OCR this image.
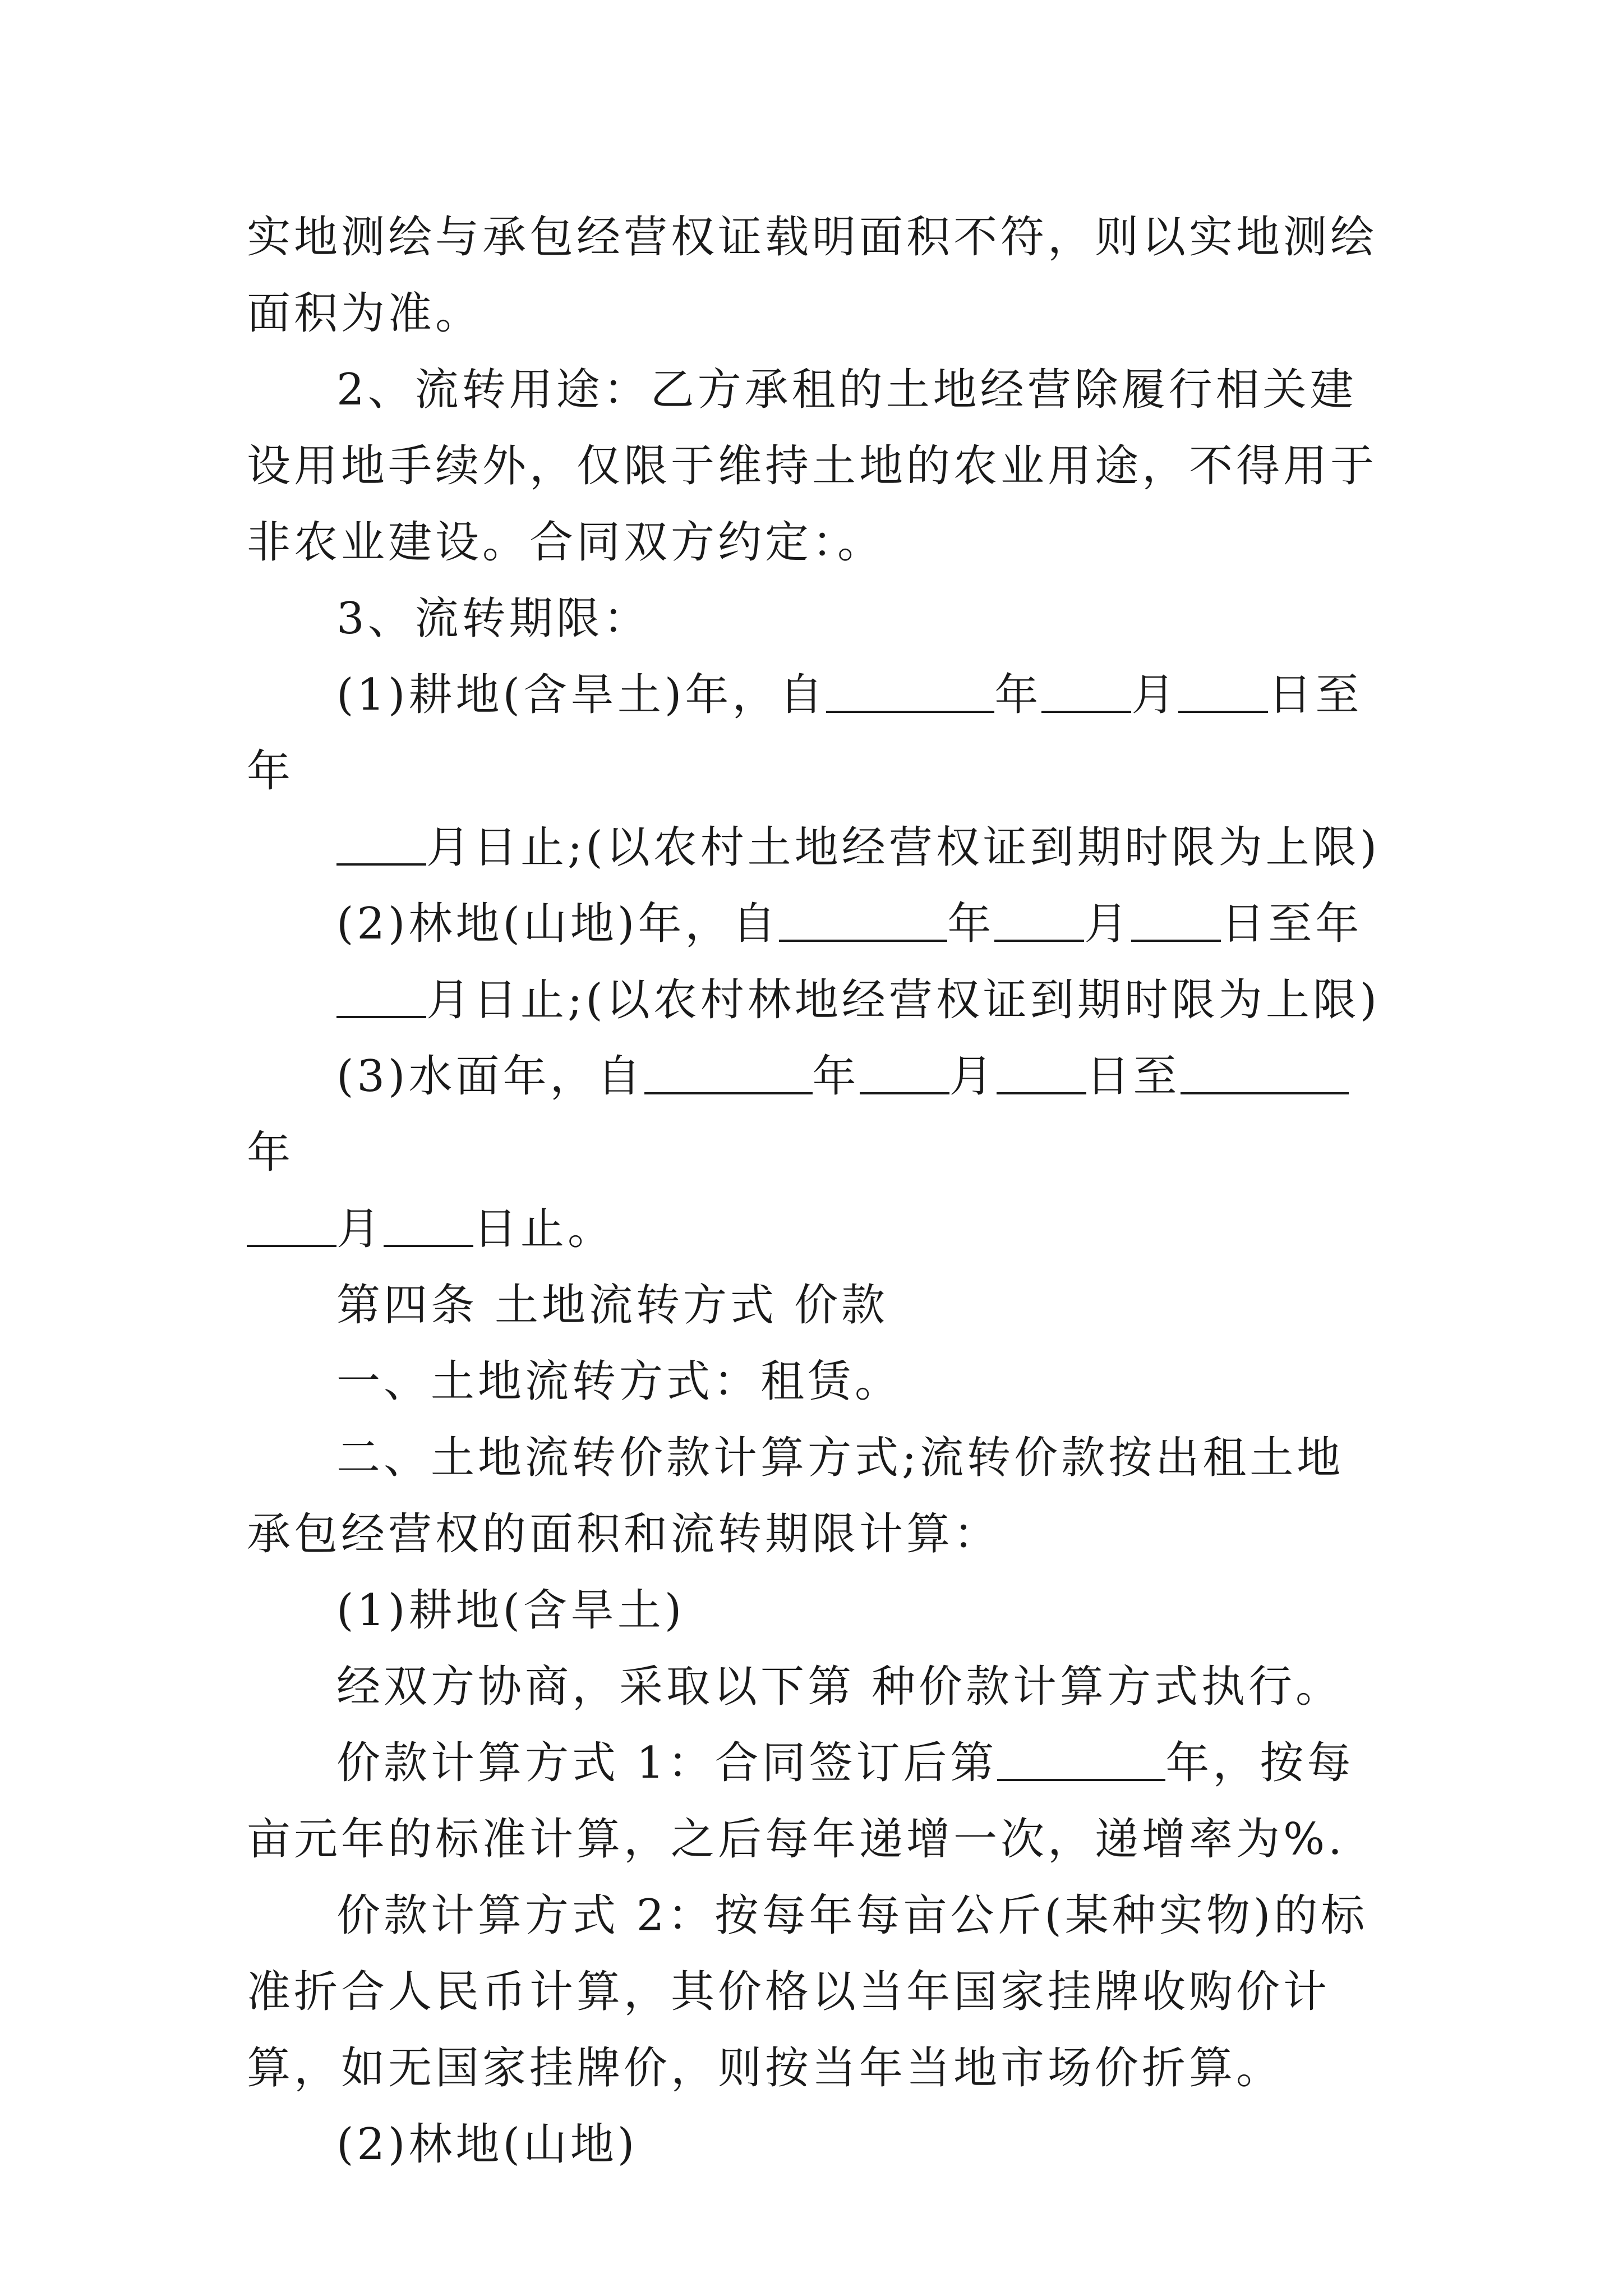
实地测绘与承包经营权证载明面积不符，则以实地测绘面积为准。

2、流转用途：乙方承租的土地经营除履行相关建设用地手续外，仅限于维持土地的农业用途，不得用于非农业建设。合同双方约定：。

3、流转期限：

(1)耕地(含旱土)年，自	年 月 日至年

月日止;(以农村土地经营权证到期时限为上限)

(2)林地(山地)年，自	年 月 日至年

月日止;(以农村林地经营权证到期时限为上限)

(3)水面年，自	年 月 日至年

月 日止。

第四条 土地流转方式 价款

一、土地流转方式：租赁。

二、土地流转价款计算方式;流转价款按出租土地承包经营权的面积和流转期限计算：

(1)耕地(含旱土)

经双方协商，采取以下第 种价款计算方式执行。

价款计算方式 1：合同签订后第	年，按每亩元年的标准计算，之后每年递增一次，递增率为%.

价款计算方式 2：按每年每亩公斤(某种实物)的标准折合人民币计算，其价格以当年国家挂牌收购价计算，如无国家挂牌价，则按当年当地市场价折算。

(2)林地(山地)
